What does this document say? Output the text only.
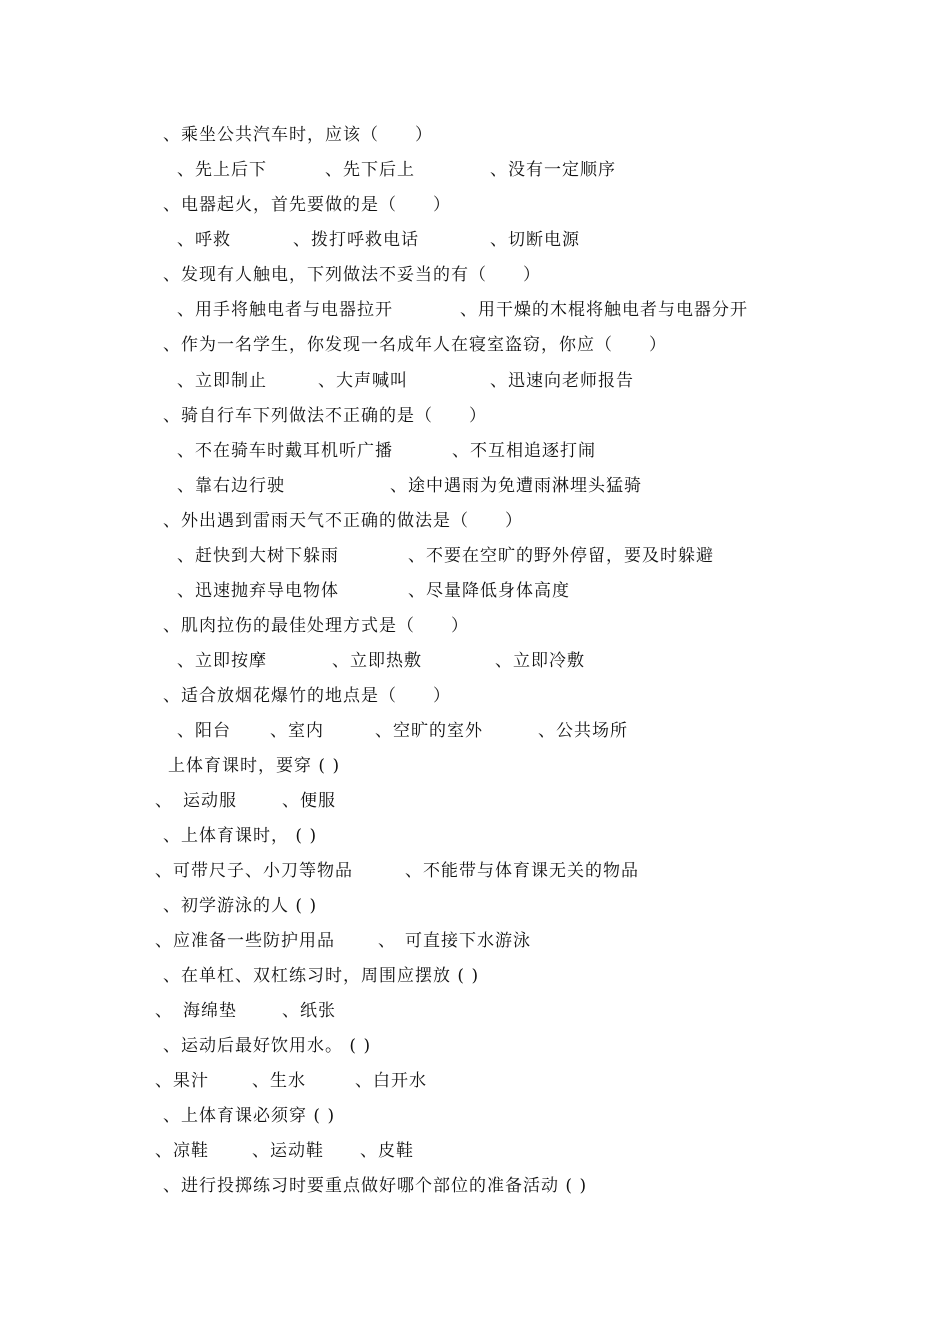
、乘坐公共汽车时，应该（　　）

、先上后下

	、先下后上

	、没有一定顺序

、电器起火，首先要做的是（　　）

、呼救

	、拨打呼救电话

	、切断电源

、发现有人触电，下列做法不妥当的有（　　）

、用手将触电者与电器拉开

	、用干燥的木棍将触电者与电器分开

、作为一名学生，你发现一名成年人在寝室盗窃，你应（　　）

、立即制止

	、大声喊叫

	、迅速向老师报告

、骑自行车下列做法不正确的是（　　）

、不在骑车时戴耳机听广播

	、不互相追逐打闹

、靠右边行驶

	、途中遇雨为免遭雨淋埋头猛骑

、外出遇到雷雨天气不正确的做法是（　　）

、赶快到大树下躲雨

	、不要在空旷的野外停留，要及时躲避

、迅速抛弃导电物体

	、尽量降低身体高度

、肌肉拉伤的最佳处理方式是（　　）

、立即按摩

	、立即热敷

	、立即冷敷

、适合放烟花爆竹的地点是（　　）

、阳台

、室内

	、空旷的室外

	、公共场所

上体育课时，要穿 ( )

、

运动服

	、便服

、上体育课时， ( )

、可带尺子、小刀等物品

	、不能带与体育课无关的物品

、初学游泳的人 ( )

、应准备一些防护用品

	、

可直接下水游泳

、在单杠、双杠练习时，周围应摆放 ( )

、

海绵垫

	、纸张

、运动后最好饮用水。 ( )

、果汁

	、生水

	、白开水

、上体育课必须穿 ( )

、凉鞋

	、运动鞋

、皮鞋

、进行投掷练习时要重点做好哪个部位的准备活动 ( )
